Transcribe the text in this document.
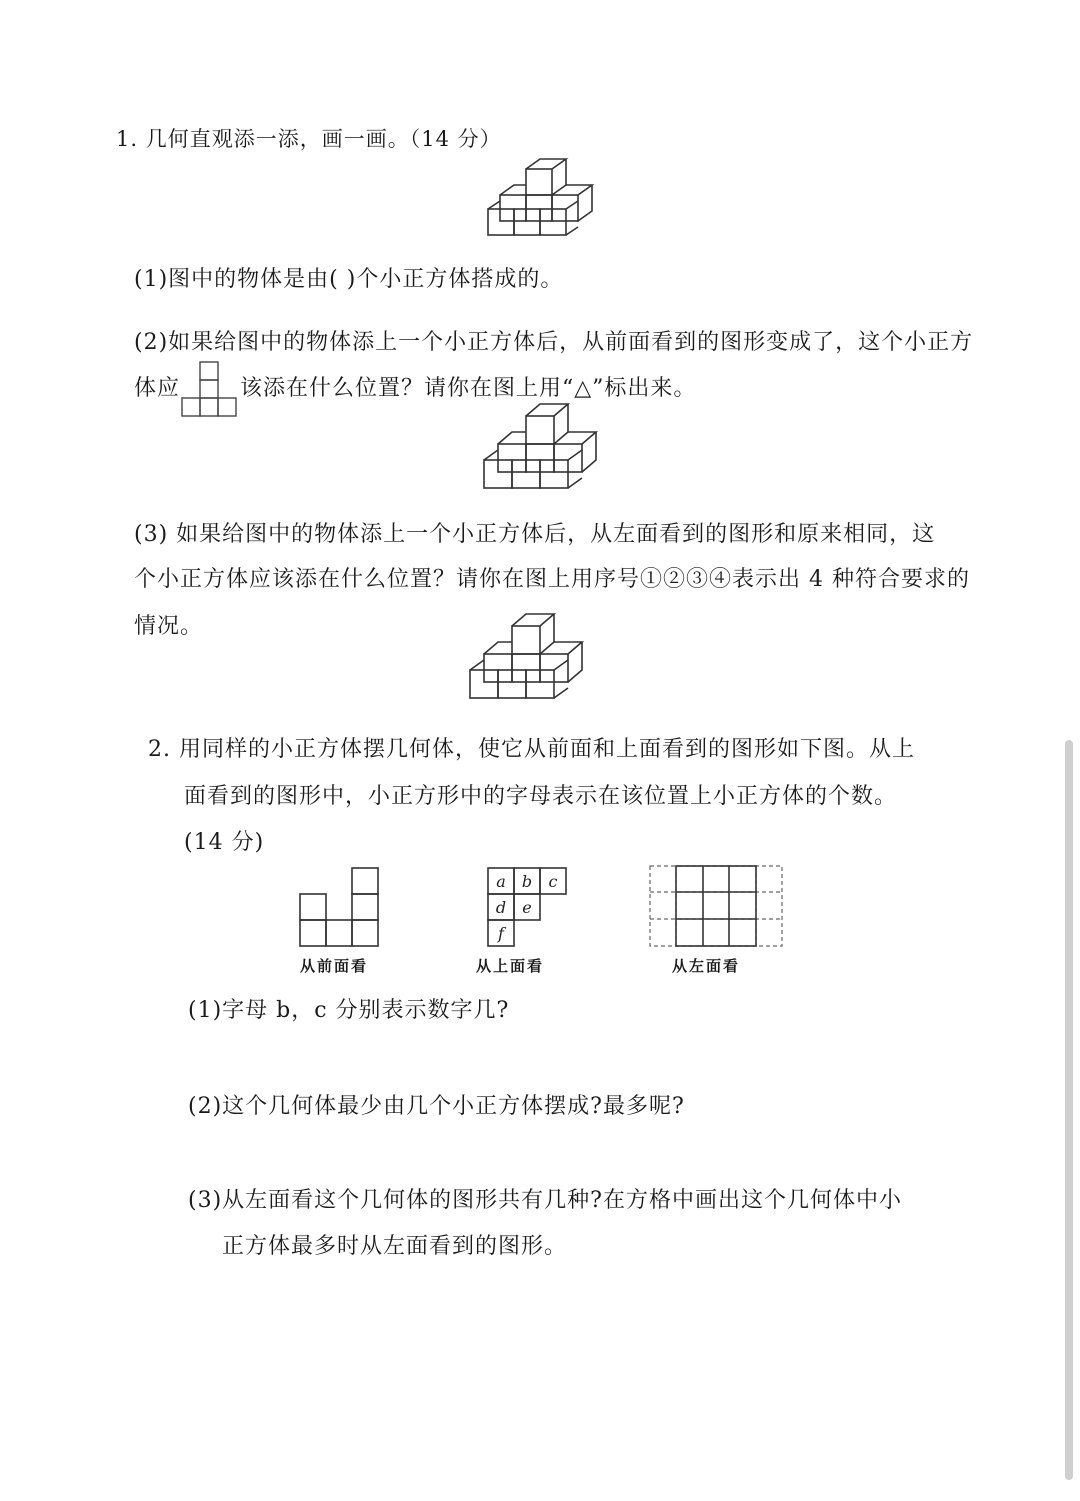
1. 几何直观添一添，画一画。（14 分）
(1)图中的物体是由( )个小正方体搭成的。
(2)如果给图中的物体添上一个小正方体后，从前面看到的图形变成了，这个小正方
体应	该添在什么位置？请你在图上用“△”标出来。
(3) 如果给图中的物体添上一个小正方体后，从左面看到的图形和原来相同，这
个小正方体应该添在什么位置？请你在图上用序号①②③④表示出 4 种符合要求的
情况。
2. 用同样的小正方体摆几何体，使它从前面和上面看到的图形如下图。从上
面看到的图形中，小正方形中的字母表示在该位置上小正方体的个数。
(14 分)
从前面看
a b c
d e
f
从上面看	从左面看
(1)字母 b，c 分别表示数字几?
(2)这个几何体最少由几个小正方体摆成?最多呢?
(3)从左面看这个几何体的图形共有几种?在方格中画出这个几何体中小
正方体最多时从左面看到的图形。
